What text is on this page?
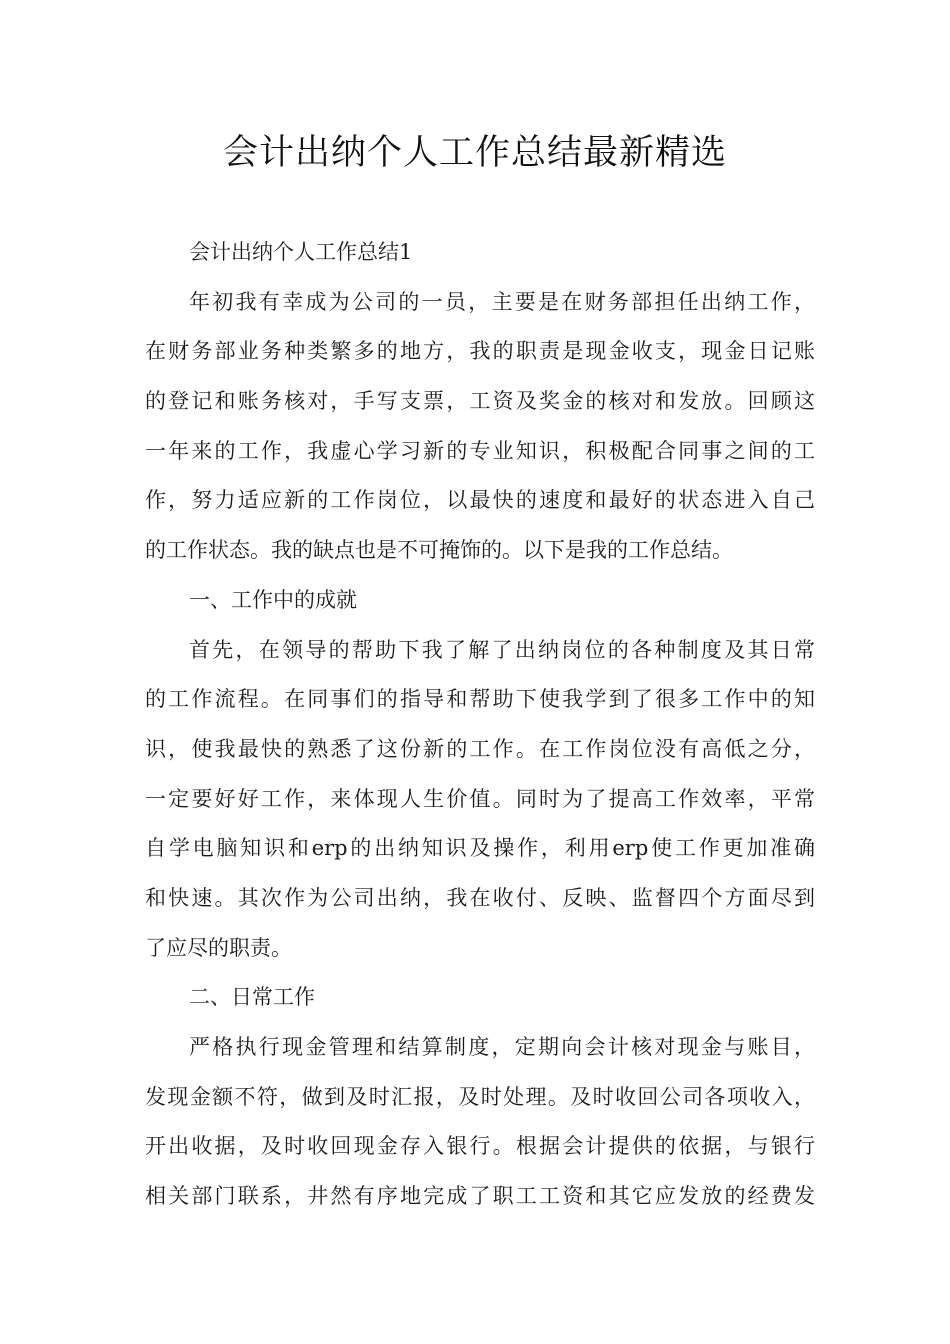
会计出纳个人工作总结最新精选
会计出纳个人工作总结1
年初我有幸成为公司的一员，主要是在财务部担任出纳工作，
在财务部业务种类繁多的地方，我的职责是现金收支，现金日记账
的登记和账务核对，手写支票，工资及奖金的核对和发放。回顾这
一年来的工作，我虚心学习新的专业知识，积极配合同事之间的工
作，努力适应新的工作岗位，以最快的速度和最好的状态进入自己
的工作状态。我的缺点也是不可掩饰的。以下是我的工作总结。
一、工作中的成就
首先，在领导的帮助下我了解了出纳岗位的各种制度及其日常
的工作流程。在同事们的指导和帮助下使我学到了很多工作中的知
识，使我最快的熟悉了这份新的工作。在工作岗位没有高低之分，
一定要好好工作，来体现人生价值。同时为了提高工作效率，平常
自学电脑知识和erp的出纳知识及操作，利用erp使工作更加准确
和快速。其次作为公司出纳，我在收付、反映、监督四个方面尽到
了应尽的职责。
二、日常工作
严格执行现金管理和结算制度，定期向会计核对现金与账目，
发现金额不符，做到及时汇报，及时处理。及时收回公司各项收入，
开出收据，及时收回现金存入银行。根据会计提供的依据，与银行
相关部门联系，井然有序地完成了职工工资和其它应发放的经费发
